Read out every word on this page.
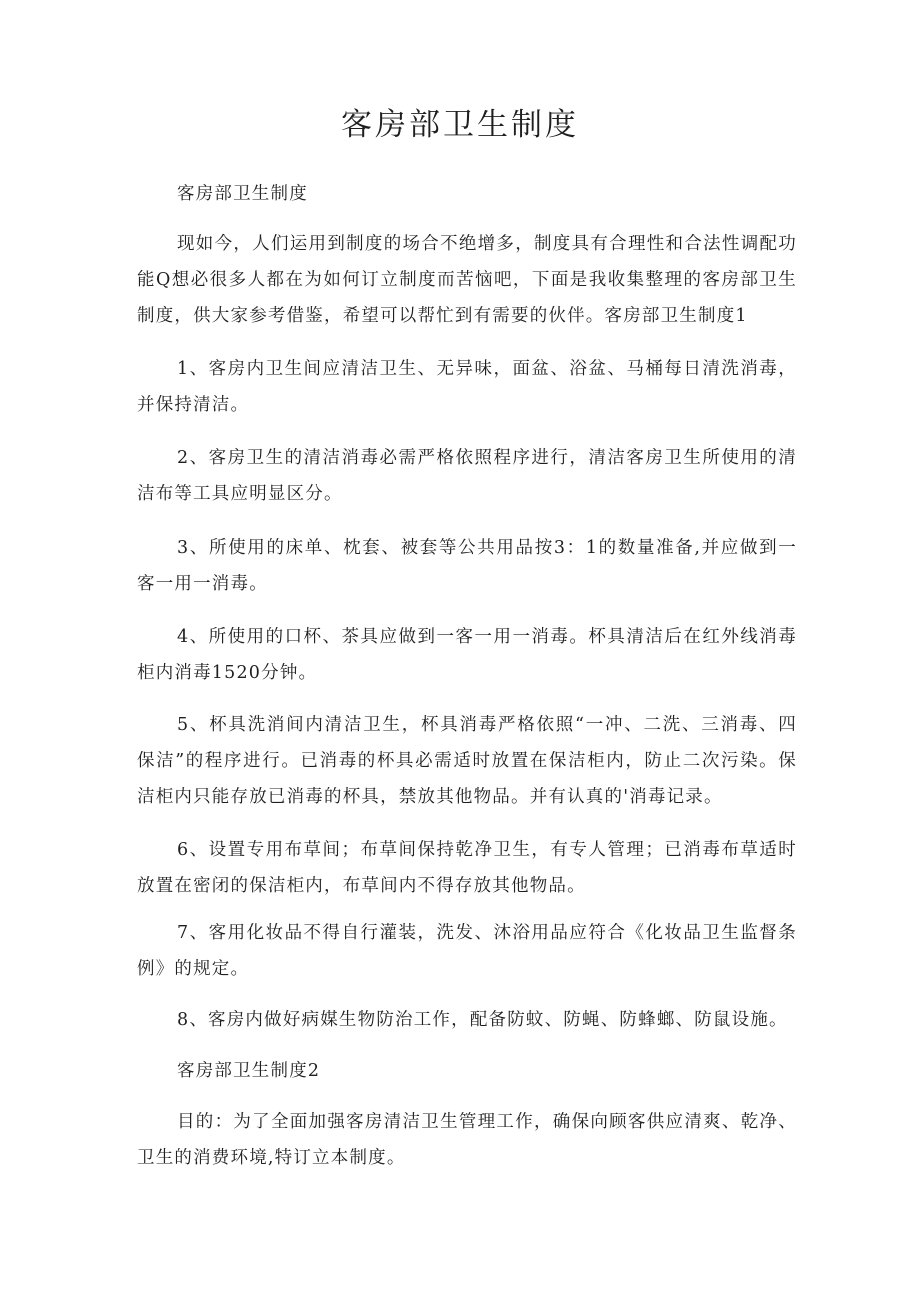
客房部卫生制度

客房部卫生制度

现如今，人们运用到制度的场合不绝增多，制度具有合理性和合法性调配功能Q想必很多人都在为如何订立制度而苦恼吧，下面是我收集整理的客房部卫生制度，供大家参考借鉴，希望可以帮忙到有需要的伙伴。客房部卫生制度1

1、客房内卫生间应清洁卫生、无异味，面盆、浴盆、马桶每日清洗消毒，并保持清洁。

2、客房卫生的清洁消毒必需严格依照程序进行，清洁客房卫生所使用的清洁布等工具应明显区分。

3、所使用的床单、枕套、被套等公共用品按3：1的数量准备,并应做到一客一用一消毒。

4、所使用的口杯、茶具应做到一客一用一消毒。杯具清洁后在红外线消毒柜内消毒1520分钟。

5、杯具洗消间内清洁卫生，杯具消毒严格依照“一冲、二洗、三消毒、四保洁”的程序进行。已消毒的杯具必需适时放置在保洁柜内，防止二次污染。保洁柜内只能存放已消毒的杯具，禁放其他物品。并有认真的'消毒记录。

6、设置专用布草间；布草间保持乾净卫生，有专人管理；已消毒布草适时放置在密闭的保洁柜内，布草间内不得存放其他物品。

7、客用化妆品不得自行灌装，洗发、沐浴用品应符合《化妆品卫生监督条例》的规定。

8、客房内做好病媒生物防治工作，配备防蚊、防蝇、防蜂螂、防鼠设施。

客房部卫生制度2

目的：为了全面加强客房清洁卫生管理工作，确保向顾客供应清爽、乾净、卫生的消费环境,特订立本制度。
